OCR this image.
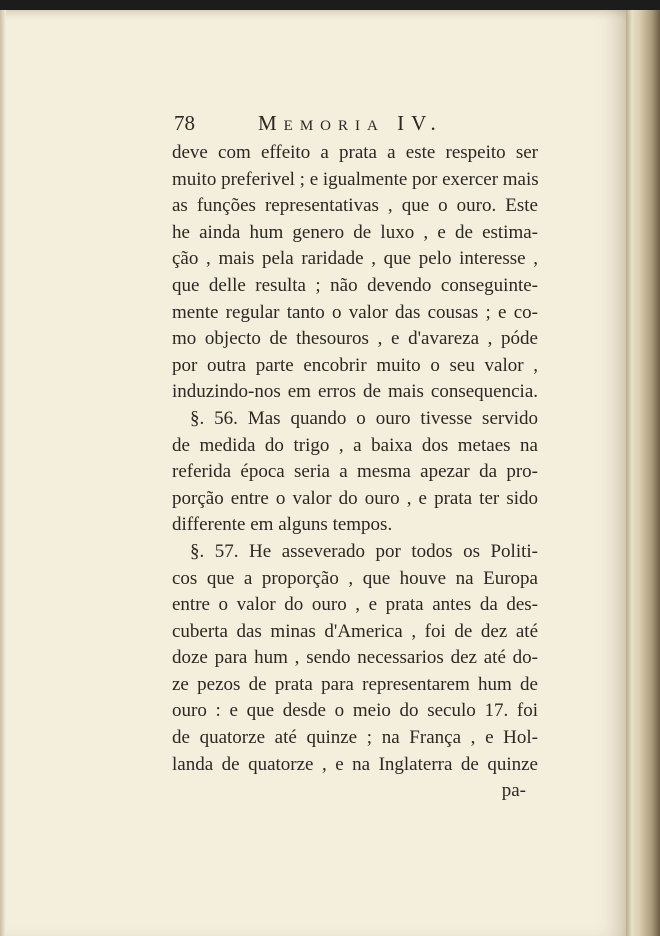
78	Memoria IV.
deve com effeito a prata a este respeito ser
muito preferivel ; e igualmente por exercer mais
as funções representativas , que o ouro. Este
he ainda hum genero de luxo , e de estima-
ção , mais pela raridade , que pelo interesse ,
que delle resulta ; não devendo conseguinte-
mente regular tanto o valor das cousas ; e co-
mo objecto de thesouros , e d'avareza , póde
por outra parte encobrir muito o seu valor ,
induzindo-nos em erros de mais consequencia.
§. 56. Mas quando o ouro tivesse servido
de medida do trigo , a baixa dos metaes na
referida época seria a mesma apezar da pro-
porção entre o valor do ouro , e prata ter sido
differente em alguns tempos.
§. 57. He asseverado por todos os Politi-
cos que a proporção , que houve na Europa
entre o valor do ouro , e prata antes da des-
cuberta das minas d'America , foi de dez até
doze para hum , sendo necessarios dez até do-
ze pezos de prata para representarem hum de
ouro : e que desde o meio do seculo 17. foi
de quatorze até quinze ; na França , e Hol-
landa de quatorze , e na Inglaterra de quinze
pa-
